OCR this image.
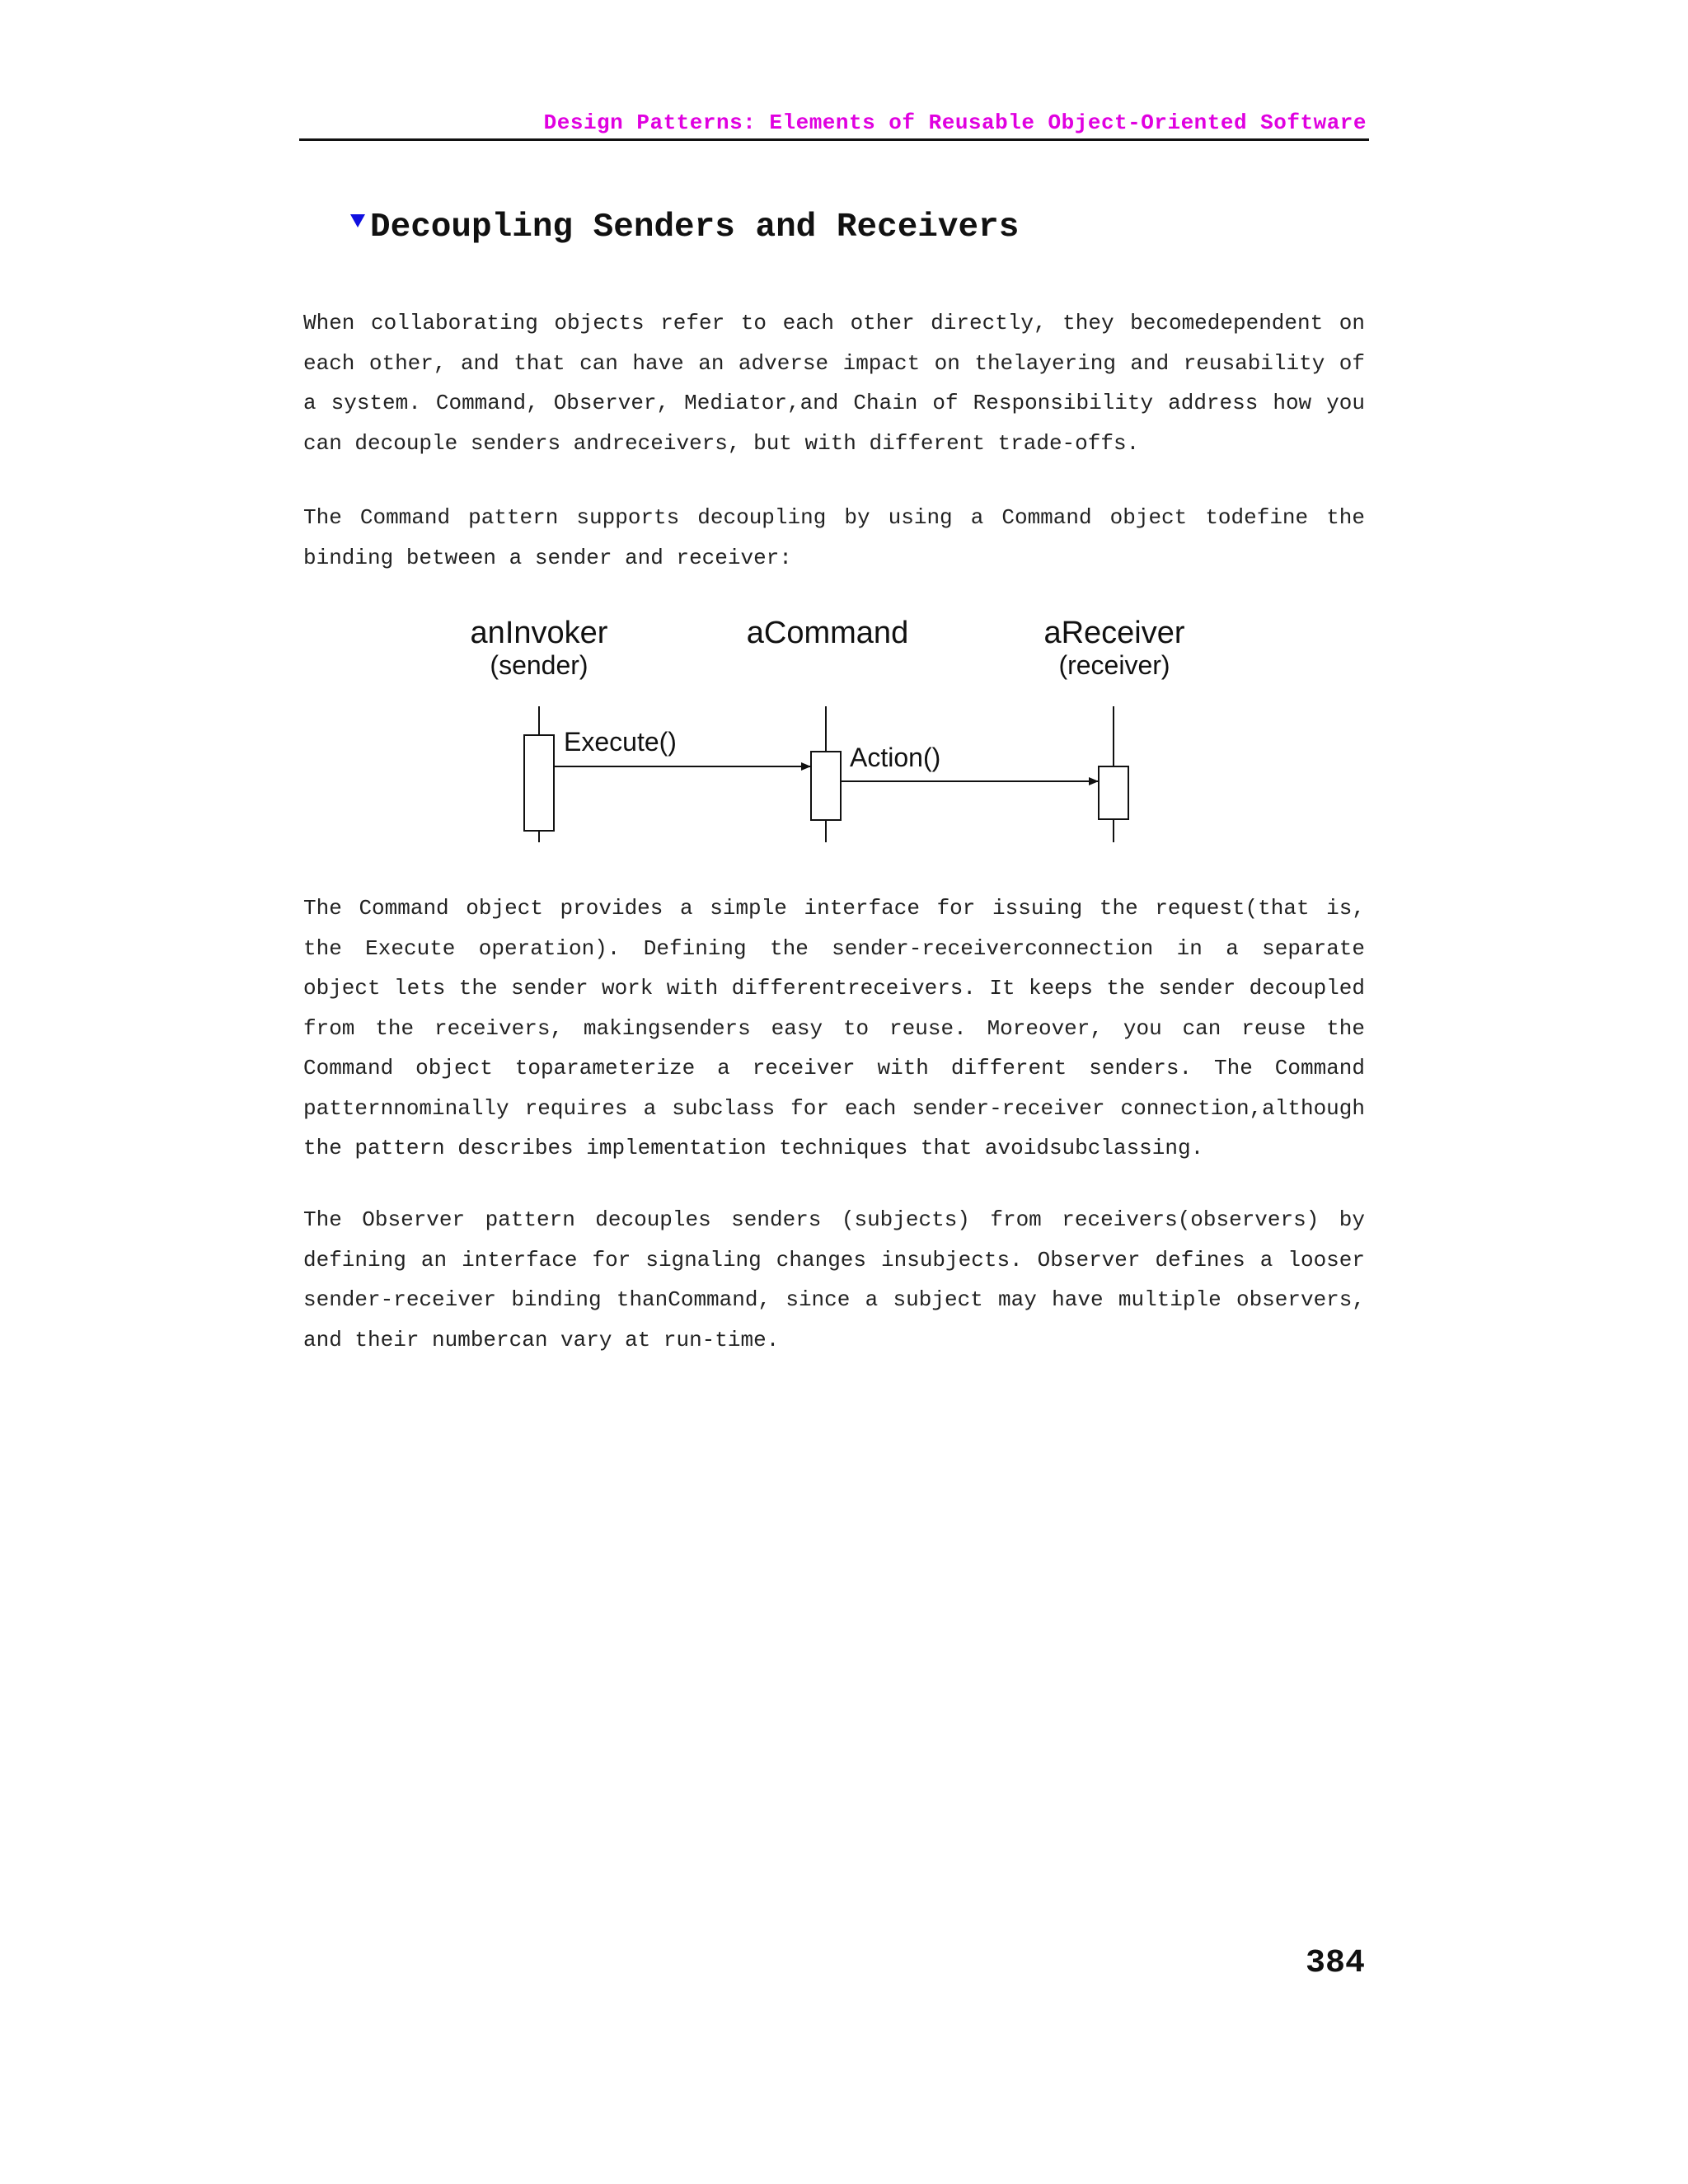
Design Patterns: Elements of Reusable Object-Oriented Software
Decoupling Senders and Receivers

When collaborating objects refer to each other directly, they becomedependent on each other, and that can have an adverse impact on thelayering and reusability of a system. Command, Observer, Mediator,and Chain of Responsibility address how you can decouple senders andreceivers, but with different trade-offs.

The Command pattern supports decoupling by using a Command object todefine the binding between a sender and receiver:

anInvoker
(sender)
aCommand	aReceiver
(receiver)
Execute()
Action()

The Command object provides a simple interface for issuing the request(that is, the Execute operation). Defining the sender-receiverconnection in a separate object lets the sender work with differentreceivers. It keeps the sender decoupled from the receivers, makingsenders easy to reuse. Moreover, you can reuse the Command object toparameterize a receiver with different senders. The Command patternnominally requires a subclass for each sender-receiver connection,although the pattern describes implementation techniques that avoidsubclassing.

The Observer pattern decouples senders (subjects) from receivers(observers) by defining an interface for signaling changes insubjects. Observer defines a looser sender-receiver binding thanCommand, since a subject may have multiple observers, and their numbercan vary at run-time.

384
